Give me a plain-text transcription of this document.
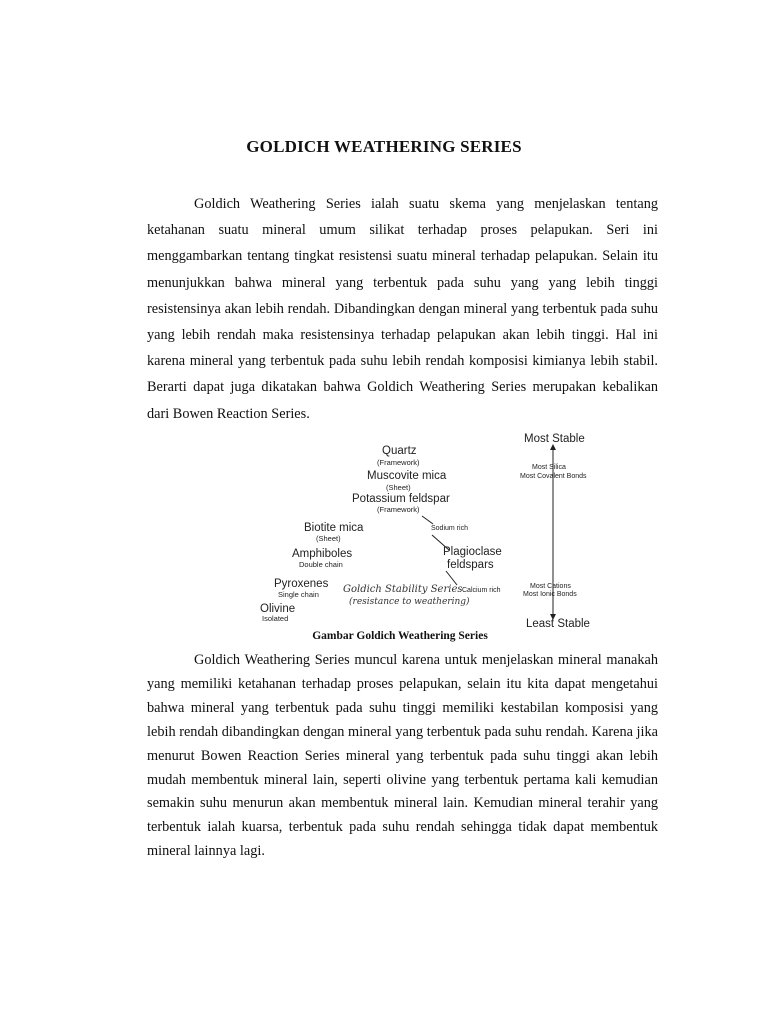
GOLDICH WEATHERING SERIES

Goldich Weathering Series ialah suatu skema yang menjelaskan tentang ketahanan suatu mineral umum silikat terhadap proses pelapukan. Seri ini menggambarkan tentang tingkat resistensi suatu mineral terhadap pelapukan. Selain itu menunjukkan bahwa mineral yang terbentuk pada suhu yang yang lebih tinggi resistensinya akan lebih rendah. Dibandingkan dengan mineral yang terbentuk pada suhu yang lebih rendah maka resistensinya terhadap pelapukan akan lebih tinggi. Hal ini karena mineral yang terbentuk pada suhu lebih rendah komposisi kimianya lebih stabil. Berarti dapat juga dikatakan bahwa Goldich Weathering Series merupakan kebalikan dari Bowen Reaction Series.

Most Stable
Most Silica
Most Covalent Bonds
Most Cations
Most Ionic Bonds
Least Stable
Quartz
(Framework)
Muscovite mica
(Sheet)
Potassium feldspar
(Framework)
Biotite mica
(Sheet)
Amphiboles
Double chain
Pyroxenes
Single chain
Olivine
Isolated
Sodium rich
Plagioclase
feldspars
Calcium rich
Goldich Stability Series
(resistance to weathering)
Gambar Goldich Weathering Series

Goldich Weathering Series muncul karena untuk menjelaskan mineral manakah yang memiliki ketahanan terhadap proses pelapukan, selain itu kita dapat mengetahui bahwa mineral yang terbentuk pada suhu tinggi memiliki kestabilan komposisi yang lebih rendah dibandingkan dengan mineral yang terbentuk pada suhu rendah. Karena jika menurut Bowen Reaction Series mineral yang terbentuk pada suhu tinggi akan lebih mudah membentuk mineral lain, seperti olivine yang terbentuk pertama kali kemudian semakin suhu menurun akan membentuk mineral lain. Kemudian mineral terahir yang terbentuk ialah kuarsa, terbentuk pada suhu rendah sehingga tidak dapat membentuk mineral lainnya lagi.
